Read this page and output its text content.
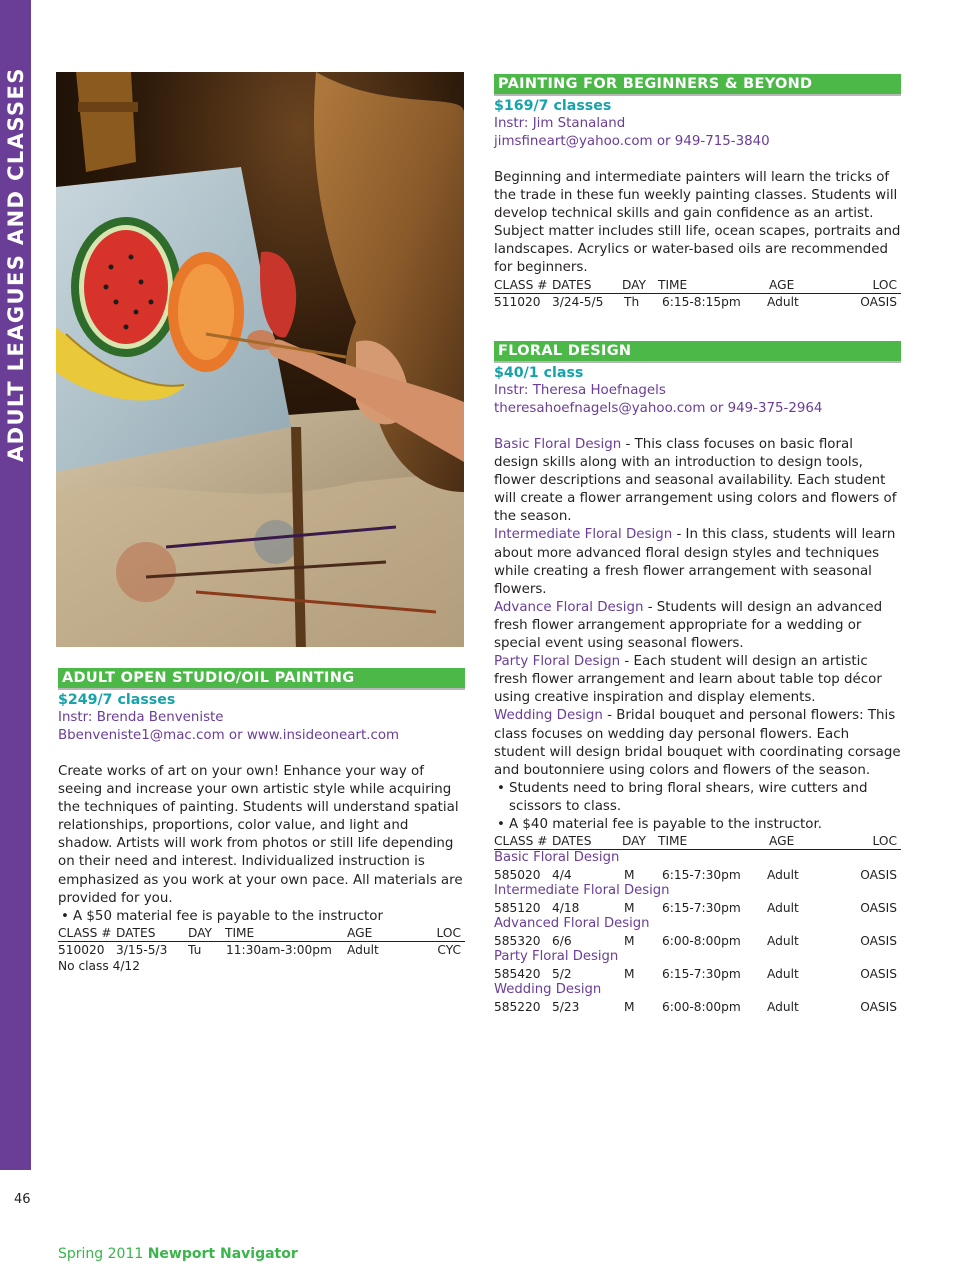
ADULT LEAGUES AND CLASSES
46
Spring 2011 Newport Navigator
PAINTING FOR BEGINNERS & BEYOND
$169/7 classes
Instr: Jim Stanaland
jimsfineart@yahoo.com or 949-715-3840

Beginning and intermediate painters will learn the tricks of the trade in these fun weekly painting classes. Students will develop technical skills and gain confidence as an artist. Subject matter includes still life, ocean scapes, portraits and landscapes. Acrylics or water-based oils are recommended for beginners.

CLASS # DATES	DAY TIME	AGE	LOC
511020 3/24-5/5 Th 6:15-8:15pm Adult	OASIS
FLORAL DESIGN
$40/1 class
Instr: Theresa Hoefnagels
theresahoefnagels@yahoo.com or 949-375-2964

Basic Floral Design - This class focuses on basic floral design skills along with an introduction to design tools, flower descriptions and seasonal availability. Each student will create a flower arrangement using colors and flowers of the season.

Intermediate Floral Design - In this class, students will learn about more advanced floral design styles and techniques while creating a fresh flower arrangement with seasonal flowers.

Advance Floral Design - Students will design an advanced fresh flower arrangement appropriate for a wedding or special event using seasonal flowers.

Party Floral Design - Each student will design an artistic fresh flower arrangement and learn about table top décor using creative inspiration and display elements.

Wedding Design - Bridal bouquet and personal flowers: This class focuses on wedding day personal flowers. Each student will design bridal bouquet with coordinating corsage and boutonniere using colors and flowers of the season.

• Students need to bring floral shears, wire cutters and scissors to class.
• A $40 material fee is payable to the instructor.
CLASS # DATES	DAY TIME	AGE	LOC
Basic Floral Design
585020 4/4	M 6:15-7:30pm Adult	OASIS
Intermediate Floral Design
585120 4/18	M 6:15-7:30pm Adult	OASIS
Advanced Floral Design
585320 6/6	M 6:00-8:00pm Adult	OASIS
Party Floral Design
585420 5/2	M 6:15-7:30pm Adult	OASIS
Wedding Design
585220 5/23	M 6:00-8:00pm Adult	OASIS
ADULT OPEN STUDIO/OIL PAINTING
$249/7 classes
Instr: Brenda Benveniste
Bbenveniste1@mac.com or www.insideoneart.com

Create works of art on your own! Enhance your way of seeing and increase your own artistic style while acquiring the techniques of painting. Students will understand spatial relationships, proportions, color value, and light and shadow. Artists will work from photos or still life depending on their need and interest. Individualized instruction is emphasized as you work at your own pace. All materials are provided for you.

• A $50 material fee is payable to the instructor
CLASS # DATES	DAY TIME	AGE	LOC
510020 3/15-5/3 Tu 11:30am-3:00pm Adult	CYC
No class 4/12
